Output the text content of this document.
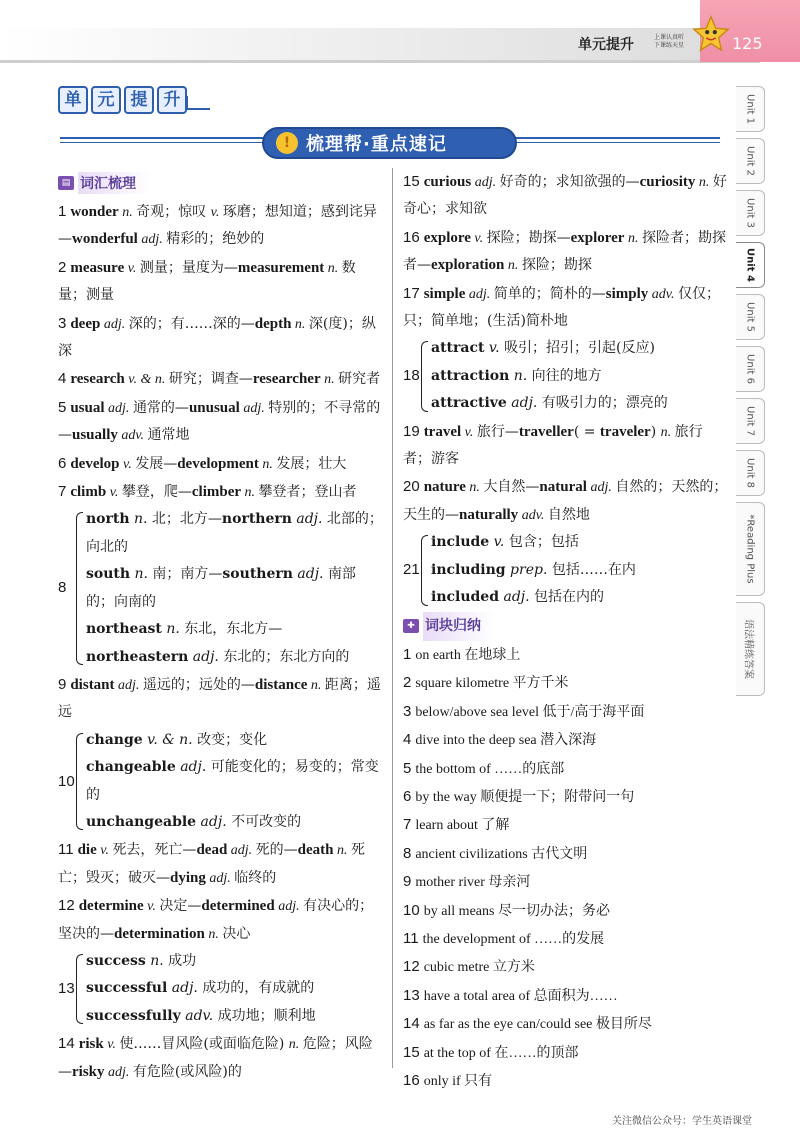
单元提升	上课认真听
下课练天星	125
单 元 提 升
! 梳理帮·重点速记
▤ 词汇梳理
1 wonder n. 奇观；惊叹 v. 琢磨；想知道；感到诧异—wonderful adj. 精彩的；绝妙的
2 measure v. 测量；量度为—measurement n. 数量；测量
3 deep adj. 深的；有……深的—depth n. 深(度)；纵深
4 research v. & n. 研究；调查—researcher n. 研究者
5 usual adj. 通常的—unusual adj. 特别的；不寻常的—usually adv. 通常地
6 develop v. 发展—development n. 发展；壮大
7 climb v. 攀登，爬—climber n. 攀登者；登山者
8
north n. 北；北方—northern adj. 北部的；向北的
south n. 南；南方—southern adj. 南部的；向南的
northeast n. 东北，东北方—northeastern adj. 东北的；东北方向的
9 distant adj. 遥远的；远处的—distance n. 距离；遥远
10
change v. & n. 改变；变化
changeable adj. 可能变化的；易变的；常变的
unchangeable adj. 不可改变的
11 die v. 死去，死亡—dead adj. 死的—death n. 死亡；毁灭；破灭—dying adj. 临终的
12 determine v. 决定—determined adj. 有决心的；坚决的—determination n. 决心
13
success n. 成功
successful adj. 成功的，有成就的
successfully adv. 成功地；顺利地
14 risk v. 使……冒风险(或面临危险) n. 危险；风险—risky adj. 有危险(或风险)的
15 curious adj. 好奇的；求知欲强的—curiosity n. 好奇心；求知欲
16 explore v. 探险；勘探—explorer n. 探险者；勘探者—exploration n. 探险；勘探
17 simple adj. 简单的；简朴的—simply adv. 仅仅；只；简单地；(生活)简朴地
18
attract v. 吸引；招引；引起(反应)
attraction n. 向往的地方
attractive adj. 有吸引力的；漂亮的
19 travel v. 旅行—traveller( = traveler) n. 旅行者；游客
20 nature n. 大自然—natural adj. 自然的；天然的；天生的—naturally adv. 自然地
21
include v. 包含；包括
including prep. 包括……在内
included adj. 包括在内的
✚ 词块归纳
1 on earth 在地球上
2 square kilometre 平方千米
3 below/above sea level 低于/高于海平面
4 dive into the deep sea 潜入深海
5 the bottom of ……的底部
6 by the way 顺便提一下；附带问一句
7 learn about 了解
8 ancient civilizations 古代文明
9 mother river 母亲河
10 by all means 尽一切办法；务必
11 the development of ……的发展
12 cubic metre 立方米
13 have a total area of 总面积为……
14 as far as the eye can/could see 极目所尽
15 at the top of 在……的顶部
16 only if 只有
Unit 1
Unit 2
Unit 3
Unit 4
Unit 5
Unit 6
Unit 7
Unit 8
*Reading Plus
语法精练答案
关注微信公众号：学生英语课堂
